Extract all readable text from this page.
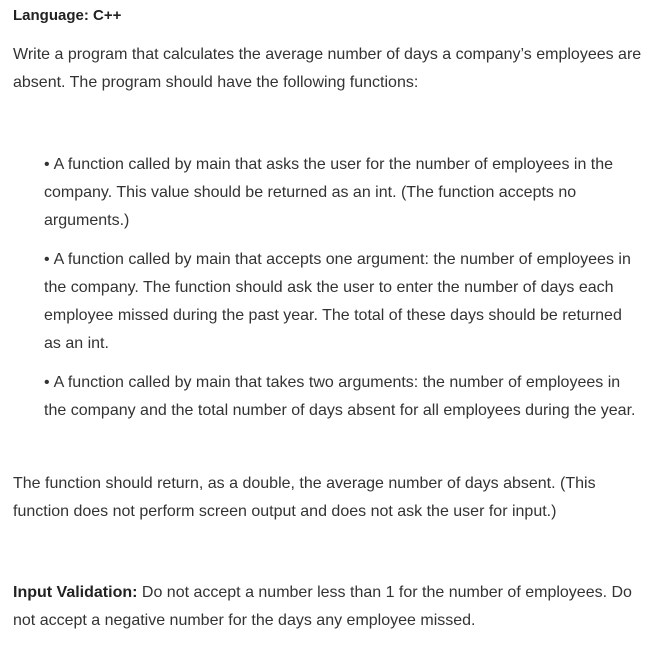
Language: C++

Write a program that calculates the average number of days a company’s employees are absent. The program should have the following functions:

• A function called by main that asks the user for the number of employees in the company. This value should be returned as an int. (The function accepts no arguments.)

• A function called by main that accepts one argument: the number of employees in the company. The function should ask the user to enter the number of days each employee missed during the past year. The total of these days should be returned as an int.

• A function called by main that takes two arguments: the number of employees in the company and the total number of days absent for all employees during the year.

The function should return, as a double, the average number of days absent. (This function does not perform screen output and does not ask the user for input.)

Input Validation: Do not accept a number less than 1 for the number of employees. Do not accept a negative number for the days any employee missed.
